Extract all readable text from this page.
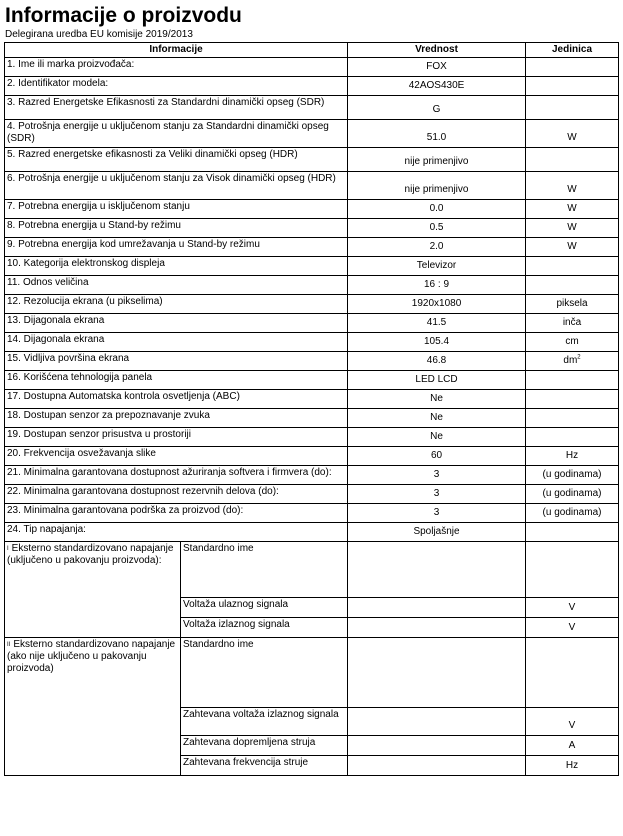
Informacije o proizvodu
Delegirana uredba EU komisije 2019/2013
Informacije		Vrednost	Jedinica
1. Ime ili marka proizvođača:		FOX	
2. Identifikator modela:		42AOS430E	
3. Razred Energetske Efikasnosti za Standardni dinamički opseg (SDR)		G	
4. Potrošnja energije u uključenom stanju za Standardni dinamički opseg (SDR)		51.0	W
5. Razred energetske efikasnosti za Veliki dinamički opseg (HDR)		nije primenjivo	
6. Potrošnja energije u uključenom stanju za Visok dinamički opseg (HDR)		nije primenjivo	W
7. Potrebna energija u isključenom stanju		0.0	W
8. Potrebna energija u Stand-by režimu		0.5	W
9. Potrebna energija kod umrežavanja u Stand-by režimu		2.0	W
10. Kategorija elektronskog displeja		Televizor	
11. Odnos veličina		16 : 9	
12. Rezolucija ekrana (u pikselima)		1920x1080	piksela
13. Dijagonala ekrana		41.5	inča
14. Dijagonala ekrana		105.4	cm
15. Vidljiva površina ekrana		46.8	$dm^2$
16. Korišćena tehnologija panela		LED LCD	
17. Dostupna Automatska kontrola osvetljenja (ABC)		Ne	
18. Dostupan senzor za prepoznavanje zvuka		Ne	
19. Dostupan senzor prisustva u prostoriji		Ne	
20. Frekvencija osvežavanja slike		60	Hz
21. Minimalna garantovana dostupnost ažuriranja softvera i firmvera (do):		3	(u godinama)
22. Minimalna garantovana dostupnost rezervnih delova (do):		3	(u godinama)
23. Minimalna garantovana podrška za proizvod (do):		3	(u godinama)
24. Tip napajanja:		Spoljašnje	
$^I$ Eksterno standardizovano napajanje (uključeno u pakovanju proizvoda):	Standardno ime		
	Voltaža ulaznog signala		V
	Voltaža izlaznog signala		V
$^{II}$ Eksterno standardizovano napajanje (ako nije uključeno u pakovanju proizvoda)	Standardno ime		
	Zahtevana voltaža izlaznog signala		V
	Zahtevana dopremljena struja		A
	Zahtevana frekvencija struje		Hz
